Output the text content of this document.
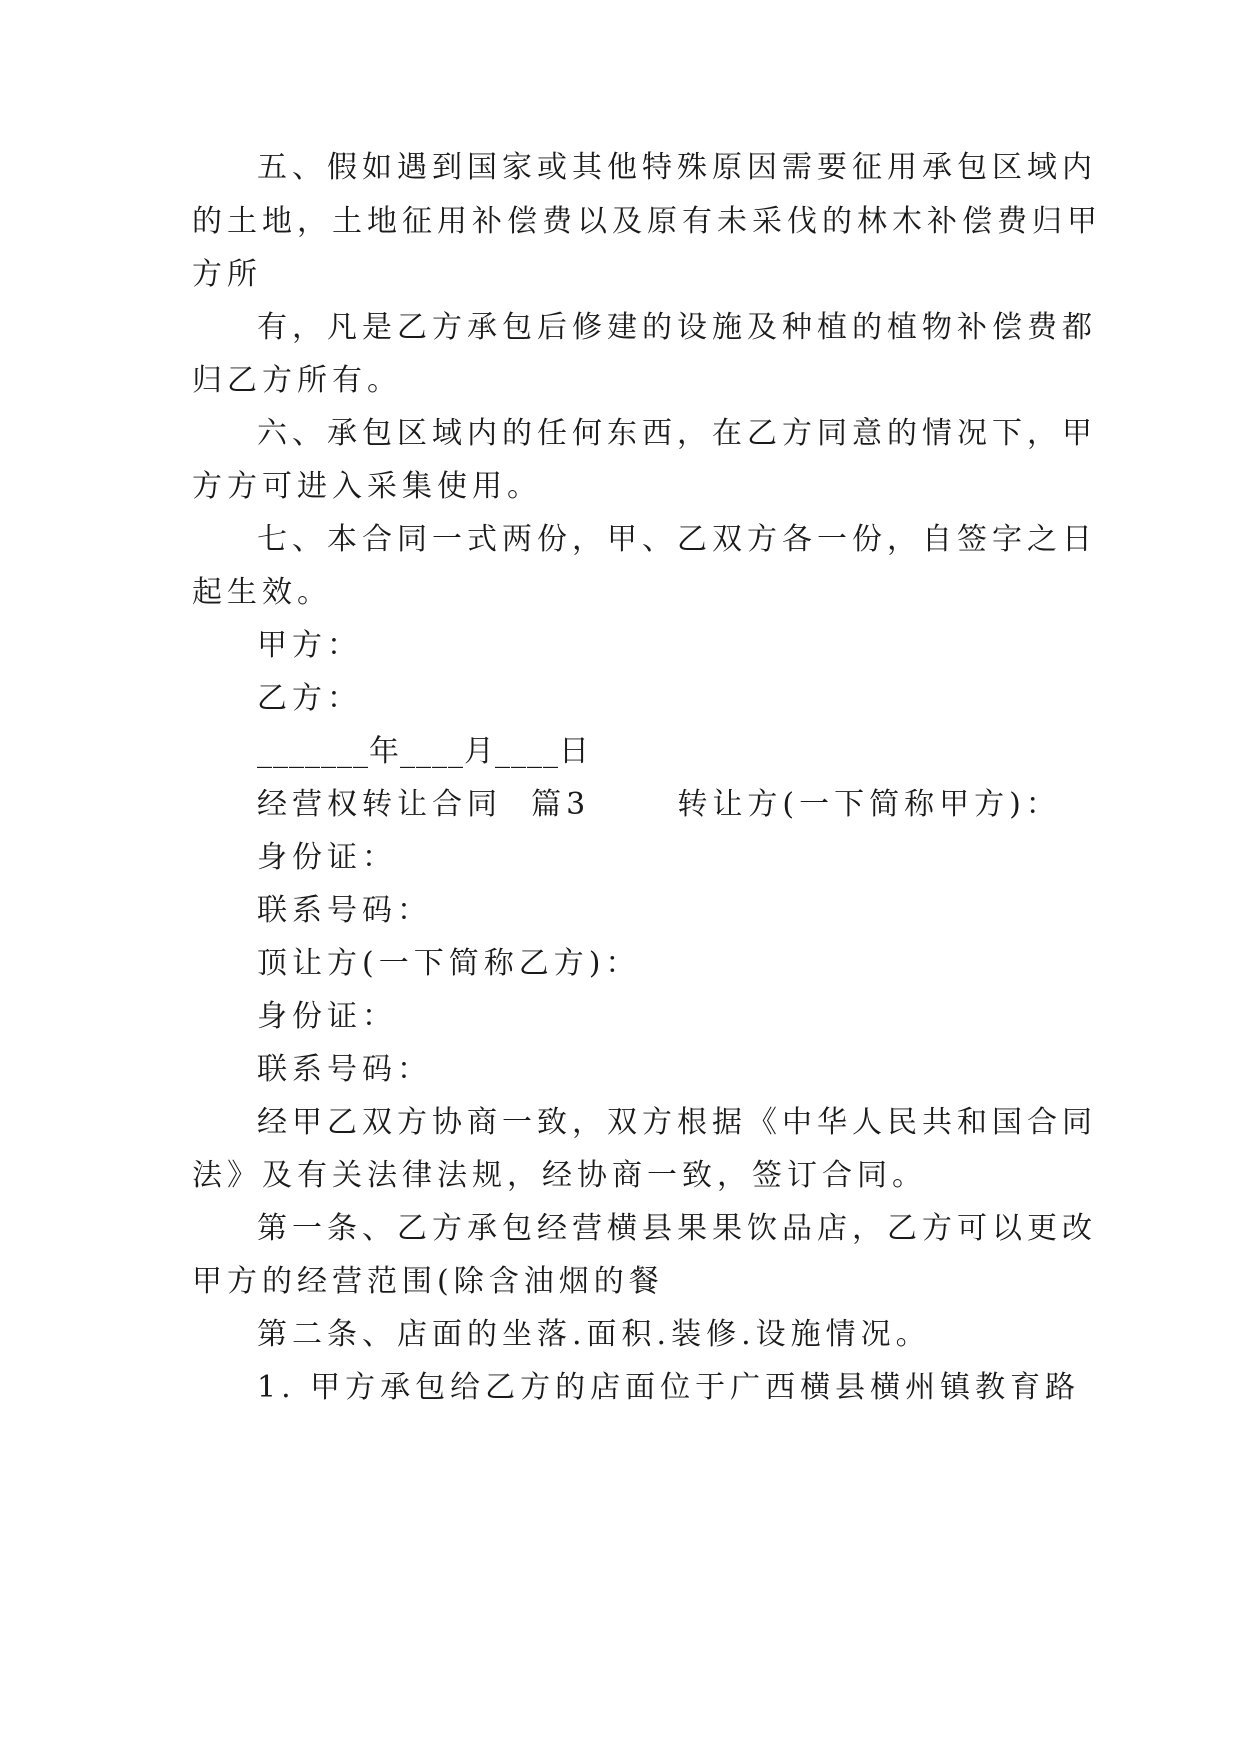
五、假如遇到国家或其他特殊原因需要征用承包区域内
的土地，土地征用补偿费以及原有未采伐的林木补偿费归甲
方所
有，凡是乙方承包后修建的设施及种植的植物补偿费都
归乙方所有。
六、承包区域内的任何东西，在乙方同意的情况下，甲
方方可进入采集使用。
七、本合同一式两份，甲、乙双方各一份，自签字之日
起生效。
甲方：
乙方：
_______年____月____日
经营权转让合同  篇3      转让方(一下简称甲方)：
身份证：
联系号码：
顶让方(一下简称乙方)：
身份证：
联系号码：
经甲乙双方协商一致，双方根据《中华人民共和国合同
法》及有关法律法规，经协商一致，签订合同。
第一条、乙方承包经营横县果果饮品店，乙方可以更改
甲方的经营范围(除含油烟的餐
第二条、店面的坐落.面积.装修.设施情况。
1. 甲方承包给乙方的店面位于广西横县横州镇教育路
